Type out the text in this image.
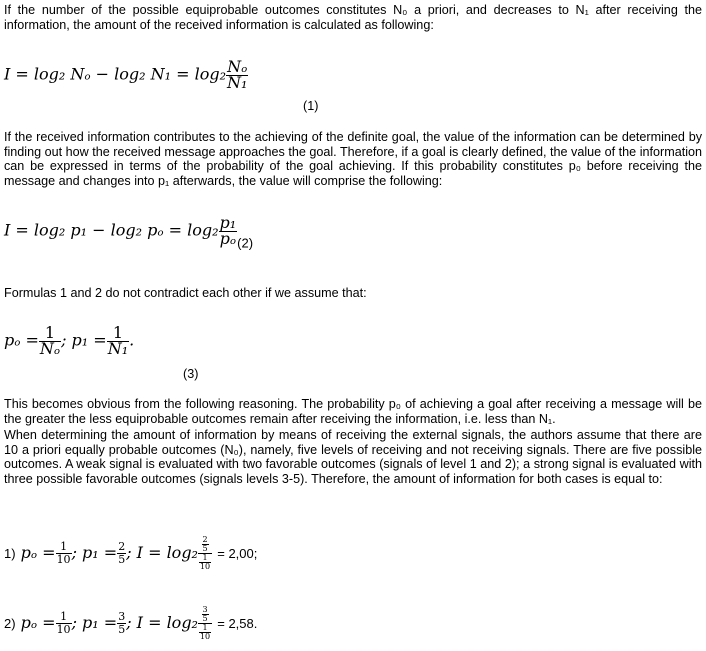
If the number of the possible equiprobable outcomes constitutes N₀ a priori, and decreases to N₁ after receiving the information, the amount of the received information is calculated as following:

I = log₂ Nₒ − log₂ $N_1 = \log_2 \frac{\text{Nₒ}}{\text{N₁}}$
(1)

If the received information contributes to the achieving of the definite goal, the value of the information can be determined by finding out how the received message approaches the goal. Therefore, if a goal is clearly defined, the value of the information can be expressed in terms of the probability of the goal achieving. If this probability constitutes p₀ before receiving the message and changes into p₁ afterwards, the value will comprise the following:

I = log₂ p₁ − log₂ $p_o = \log_2 \frac{\text{p₁}}{\text{pₒ}} _{(2)}$

Formulas 1 and 2 do not contradict each other if we assume that:

$p_o = \frac{1}{\text{Nₒ}}$ ; $p_1 = \frac{1}{\text{N₁}}$ .
(3)

This becomes obvious from the following reasoning. The probability p₀ of achieving a goal after receiving a message will be the greater the less equiprobable outcomes remain after receiving the information, i.e. less than N₁.

When determining the amount of information by means of receiving the external signals, the authors assume that there are 10 a priori equally probable outcomes (N₀), namely, five levels of receiving and not receiving signals. There are five possible outcomes. A weak signal is evaluated with two favorable outcomes (signals of level 1 and 2); a strong signal is evaluated with three possible favorable outcomes (signals levels 3-5). Therefore, the amount of information for both cases is equal to:

1) $p_o = \frac{1}{10}$ ; $p_1 = \frac{2}{5}$ ; $I = \log_2 \frac{\frac{2}{5}}{\frac{1}{10}} = 2,00$;
2) $p_o = \frac{1}{10}$ ; $p_1 = \frac{3}{5}$ ; $I = \log_2 \frac{\frac{3}{5}}{\frac{1}{10}} = 2,58$.
